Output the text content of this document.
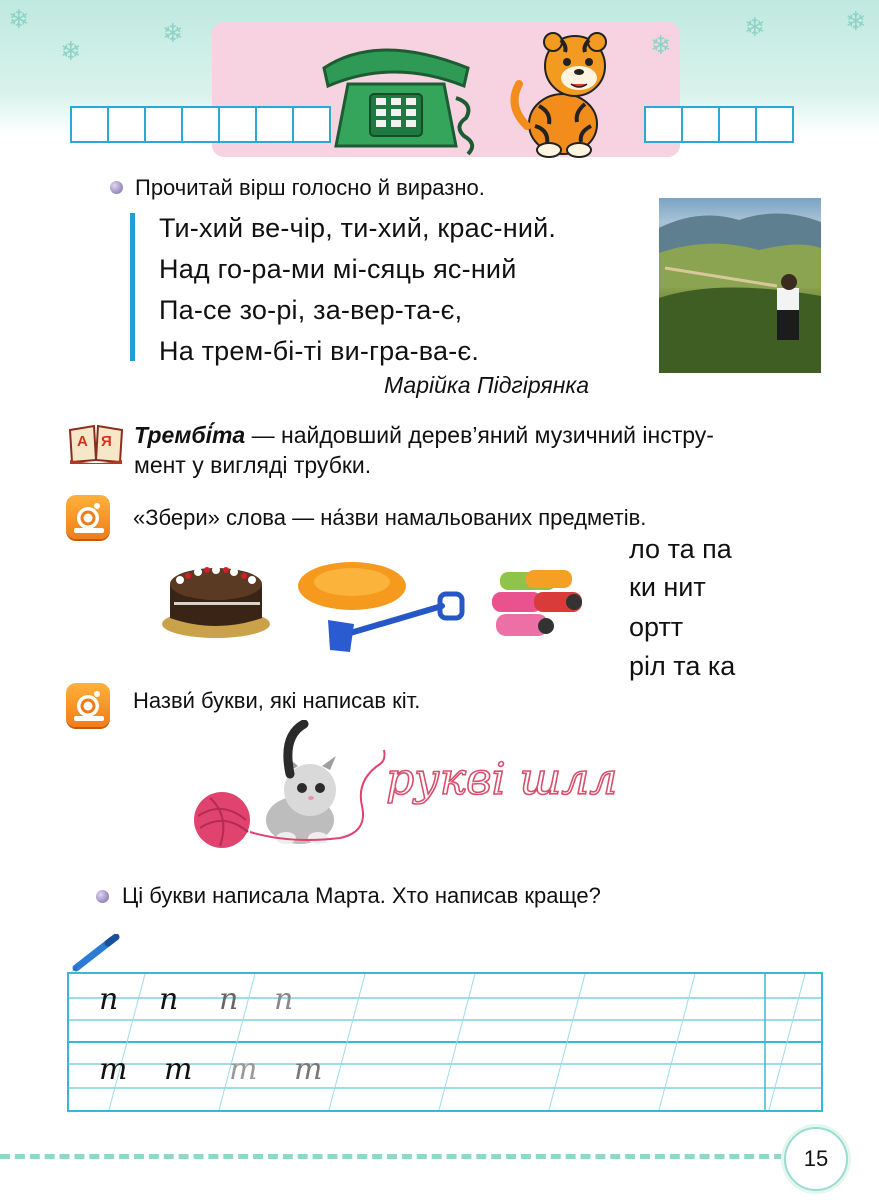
❄
❄
❄	❄
❄	❄
Прочитай вірш голосно й виразно.
Ти-хий ве-чір, ти-хий, крас-ний.
Над го-ра-ми мі-сяць яс-ний
Па-се зо-рі, за-вер-та-є,
На трем-бі-ті ви-гра-ва-є.
Марійка Підгірянка
А Я Трембі́та — найдовший дерев’яний музичний інстру-
мент у вигляді трубки.
«Збери» слова — на́зви намальованих предметів.
ло та па
ки нит
ортт
ріл та ка
Назви́ букви, які написав кіт.
рукві шлл
Ці букви написала Марта. Хто написав краще?
п п п п
т т т т
15
